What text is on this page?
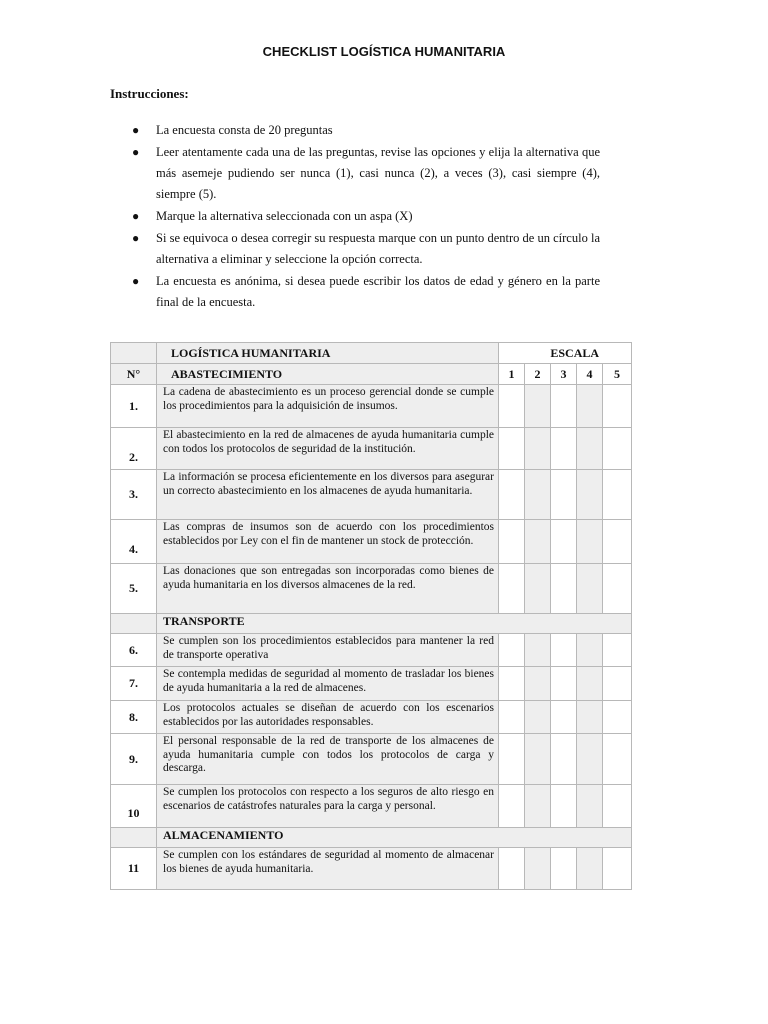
CHECKLIST LOGÍSTICA HUMANITARIA
Instrucciones:
● La encuesta consta de 20 preguntas
● Leer atentamente cada una de las preguntas, revise las opciones y elija la alternativa que más asemeje pudiendo ser nunca (1), casi nunca (2), a veces (3), casi siempre (4), siempre (5).
● Marque la alternativa seleccionada con un aspa (X)
● Si se equivoca o desea corregir su respuesta marque con un punto dentro de un círculo la alternativa a eliminar y seleccione la opción correcta.
● La encuesta es anónima, si desea puede escribir los datos de edad y género en la parte final de la encuesta.
	LOGÍSTICA HUMANITARIA	ESCALA				
N°	ABASTECIMIENTO	1	2	3	4	5
1.	La cadena de abastecimiento es un proceso gerencial donde se cumple los procedimientos para la adquisición de insumos.					
2.	El abastecimiento en la red de almacenes de ayuda humanitaria cumple con todos los protocolos de seguridad de la institución.					
3.	La información se procesa eficientemente en los diversos para asegurar un correcto abastecimiento en los almacenes de ayuda humanitaria.					
4.	Las compras de insumos son de acuerdo con los procedimientos establecidos por Ley con el fin de mantener un stock de protección.					
5.	Las donaciones que son entregadas son incorporadas como bienes de ayuda humanitaria en los diversos almacenes de la red.					
	TRANSPORTE					
6.	Se cumplen son los procedimientos establecidos para mantener la red de transporte operativa					
7.	Se contempla medidas de seguridad al momento de trasladar los bienes de ayuda humanitaria a la red de almacenes.					
8.	Los protocolos actuales se diseñan de acuerdo con los escenarios establecidos por las autoridades responsables.					
9.	El personal responsable de la red de transporte de los almacenes de ayuda humanitaria cumple con todos los protocolos de carga y descarga.					
10	Se cumplen los protocolos con respecto a los seguros de alto riesgo en escenarios de catástrofes naturales para la carga y personal.					
	ALMACENAMIENTO					
11	Se cumplen con los estándares de seguridad al momento de almacenar los bienes de ayuda humanitaria.					
